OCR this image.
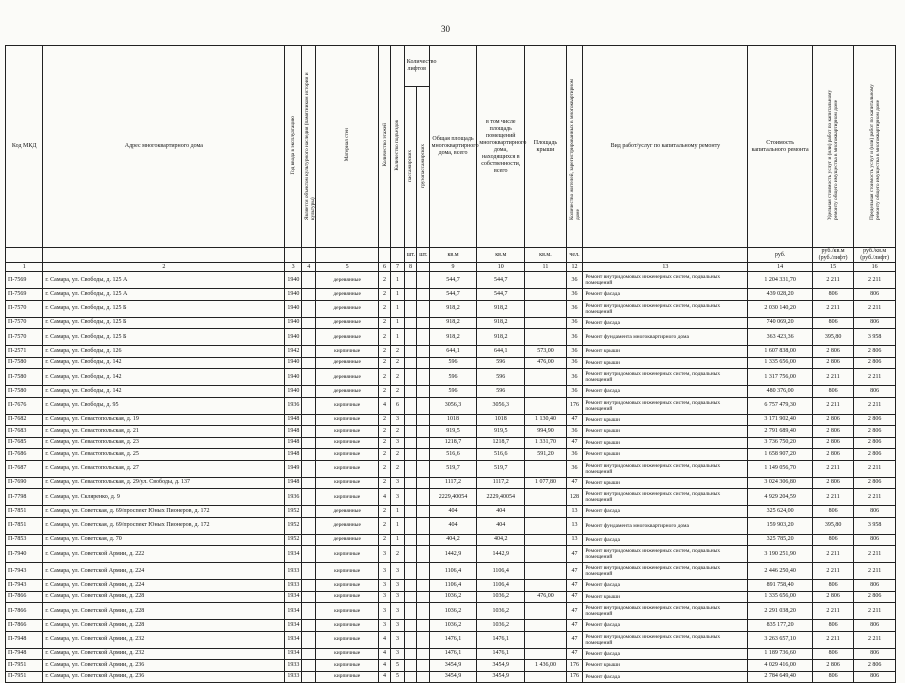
30
Код МКД	Адрес многоквартирного дома	Год ввода в эксплуатацию	Является объектом культурного наследия (памятником истории и культуры)	Материал стен	Количество этажей	Количество подъездов	Количество лифтов		Общая площадь многоквартирного дома, всего	в том числе площадь помещений многоквартирного дома, находящихся в собственности, всего	Площадь крыши	Количество жителей, зарегистрированных в многоквартирном доме	Вид работ/услуг по капитальному ремонту	Стоимость капитального ремонта	Удельная стоимость услуг и (или) работ по капитальному ремонту общего имущества в многоквартирном доме	Предельная стоимость услуг и (или) работ по капитальному ремонту общего имущества в многоквартирном доме
							пассажирских	грузопассажирских								
							шт.	шт.	кв.м	кв.м	кв.м.	чел.		руб.	руб./кв.м (руб./лифт)	руб./кв.м (руб./лифт)
1	2	3	4	5	6	7	8		9	10	11	12	13	14	15	16
П-7569	г. Самара, ул. Свободы, д. 125 А	1940		деревянные	2	1			544,7	544,7		36	Ремонт внутридомовых инженерных систем, подвальных помещений	1 204 331,70	2 211	2 211
П-7569	г. Самара, ул. Свободы, д. 125 А	1940		деревянные	2	1			544,7	544,7		36	Ремонт фасада	439 028,20	806	806
П-7570	г. Самара, ул. Свободы, д. 125 Б	1940		деревянные	2	1			918,2	918,2		36	Ремонт внутридомовых инженерных систем, подвальных помещений	2 030 140,20	2 211	2 211
П-7570	г. Самара, ул. Свободы, д. 125 Б	1940		деревянные	2	1			918,2	918,2		36	Ремонт фасада	740 069,20	806	806
П-7570	г. Самара, ул. Свободы, д. 125 Б	1940		деревянные	2	1			918,2	918,2		36	Ремонт фундамента многоквартирного дома	363 423,36	395,80	3 958
П-2571	г. Самара, ул. Свободы, д. 126	1942		кирпичные	2	2			644,1	644,1	573,00	36	Ремонт крыши	1 607 838,00	2 806	2 806
П-7580	г. Самара, ул. Свободы, д. 142	1940		деревянные	2	2			596	596	476,00	36	Ремонт крыши	1 335 656,00	2 806	2 806
П-7580	г. Самара, ул. Свободы, д. 142	1940		деревянные	2	2			596	596		36	Ремонт внутридомовых инженерных систем, подвальных помещений	1 317 756,00	2 211	2 211
П-7580	г. Самара, ул. Свободы, д. 142	1940		деревянные	2	2			596	596		36	Ремонт фасада	480 376,00	806	806
П-7676	г. Самара, ул. Свободы, д. 95	1936		кирпичные	4	6			3056,3	3056,3		176	Ремонт внутридомовых инженерных систем, подвальных помещений	6 757 479,30	2 211	2 211
П-7682	г. Самара, ул. Севастопольская, д. 19	1948		кирпичные	2	3			1018	1018	1 130,40	47	Ремонт крыши	3 171 902,40	2 806	2 806
П-7683	г. Самара, ул. Севастопольская, д. 21	1948		кирпичные	2	2			919,5	919,5	994,90	36	Ремонт крыши	2 791 689,40	2 806	2 806
П-7685	г. Самара, ул. Севастопольская, д. 23	1948		кирпичные	2	3			1218,7	1218,7	1 331,70	47	Ремонт крыши	3 736 750,20	2 806	2 806
П-7686	г. Самара, ул. Севастопольская, д. 25	1948		кирпичные	2	2			516,6	516,6	591,20	36	Ремонт крыши	1 658 907,20	2 806	2 806
П-7687	г. Самара, ул. Севастопольская, д. 27	1949		кирпичные	2	2			519,7	519,7		36	Ремонт внутридомовых инженерных систем, подвальных помещений	1 149 056,70	2 211	2 211
П-7690	г. Самара, ул. Севастопольская, д. 29/ул. Свободы, д. 137	1948		кирпичные	2	3			1117,2	1117,2	1 077,80	47	Ремонт крыши	3 024 306,80	2 806	2 806
П-7798	г. Самара, ул. Скляренко, д. 9	1936		кирпичные	4	3			2229,40054	2229,40054		128	Ремонт внутридомовых инженерных систем, подвальных помещений	4 929 204,59	2 211	2 211
П-7851	г. Самара, ул. Советская, д. 69/проспект Юных Пионеров, д. 172	1952		деревянные	2	1			404	404		13	Ремонт фасада	325 624,00	806	806
П-7851	г. Самара, ул. Советская, д. 69/проспект Юных Пионеров, д. 172	1952		деревянные	2	1			404	404		13	Ремонт фундамента многоквартирного дома	159 903,20	395,80	3 958
П-7853	г. Самара, ул. Советская, д. 70	1952		деревянные	2	1			404,2	404,2		13	Ремонт фасада	325 785,20	806	806
П-7940	г. Самара, ул. Советской Армии, д. 222	1934		кирпичные	3	2			1442,9	1442,9		47	Ремонт внутридомовых инженерных систем, подвальных помещений	3 190 251,90	2 211	2 211
П-7943	г. Самара, ул. Советской Армии, д. 224	1933		кирпичные	3	3			1106,4	1106,4		47	Ремонт внутридомовых инженерных систем, подвальных помещений	2 446 250,40	2 211	2 211
П-7943	г. Самара, ул. Советской Армии, д. 224	1933		кирпичные	3	3			1106,4	1106,4		47	Ремонт фасада	891 758,40	806	806
П-7866	г. Самара, ул. Советской Армии, д. 228	1934		кирпичные	3	3			1036,2	1036,2	476,00	47	Ремонт крыши	1 335 656,00	2 806	2 806
П-7866	г. Самара, ул. Советской Армии, д. 228	1934		кирпичные	3	3			1036,2	1036,2		47	Ремонт внутридомовых инженерных систем, подвальных помещений	2 291 038,20	2 211	2 211
П-7866	г. Самара, ул. Советской Армии, д. 228	1934		кирпичные	3	3			1036,2	1036,2		47	Ремонт фасада	835 177,20	806	806
П-7948	г. Самара, ул. Советской Армии, д. 232	1934		кирпичные	4	3			1476,1	1476,1		47	Ремонт внутридомовых инженерных систем, подвальных помещений	3 263 657,10	2 211	2 211
П-7948	г. Самара, ул. Советской Армии, д. 232	1934		кирпичные	4	3			1476,1	1476,1		47	Ремонт фасада	1 189 736,60	806	806
П-7951	г. Самара, ул. Советской Армии, д. 236	1933		кирпичные	4	5			3454,9	3454,9	1 436,00	176	Ремонт крыши	4 029 416,00	2 806	2 806
П-7951	г. Самара, ул. Советской Армии, д. 236	1933		кирпичные	4	5			3454,9	3454,9		176	Ремонт фасада	2 784 649,40	806	806
